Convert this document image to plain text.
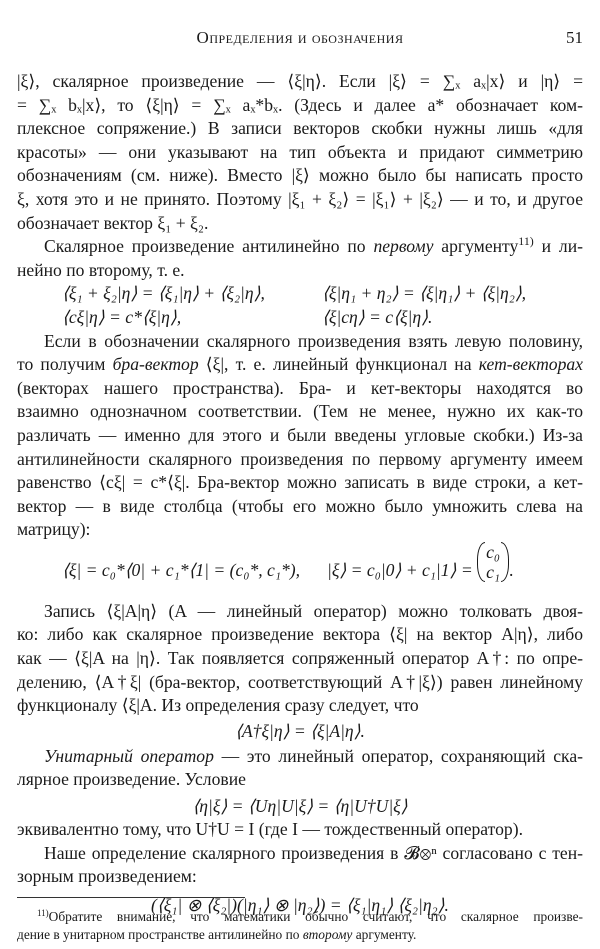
Определения и обозначения	51
|ξ⟩, скалярное произведение — ⟨ξ|η⟩. Если |ξ⟩ = ∑ₓ aₓ|x⟩ и |η⟩ =
= ∑ₓ bₓ|x⟩, то ⟨ξ|η⟩ = ∑ₓ aₓ*bₓ. (Здесь и далее a* обозначает ком-
плексное сопряжение.) В записи векторов скобки нужны лишь «для
красоты» — они указывают на тип объекта и придают симметрию
обозначениям (см. ниже). Вместо |ξ⟩ можно было бы написать просто
ξ, хотя это и не принято. Поэтому |ξ₁ + ξ₂⟩ = |ξ₁⟩ + |ξ₂⟩ — и то, и другое
обозначает вектор ξ₁ + ξ₂.
Скалярное произведение антилинейно по первому аргументу$^{11)}$ и ли-
нейно по второму, т. е.
⟨ξ₁ + ξ₂|η⟩ = ⟨ξ₁|η⟩ + ⟨ξ₂|η⟩,	⟨ξ|η₁ + η₂⟩ = ⟨ξ|η₁⟩ + ⟨ξ|η₂⟩,
⟨cξ|η⟩ = c*⟨ξ|η⟩,	⟨ξ|cη⟩ = c⟨ξ|η⟩.
Если в обозначении скалярного произведения взять левую половину,
то получим бра-вектор ⟨ξ|, т. е. линейный функционал на кет-векторах
(векторах нашего пространства). Бра- и кет-векторы находятся во
взаимно однозначном соответствии. (Тем не менее, нужно их как-то
различать — именно для этого и были введены угловые скобки.) Из-за
антилинейности скалярного произведения по первому аргументу имеем
равенство ⟨cξ| = c*⟨ξ|. Бра-вектор можно записать в виде строки, а кет-
вектор — в виде столбца (чтобы его можно было умножить слева на
матрицу):
⟨ξ| = c₀*⟨0| + c₁*⟨1| = (c₀*, c₁*), |ξ⟩ = c₀|0⟩ + c₁|1⟩ =
c₀
c₁ .
Запись ⟨ξ|A|η⟩ (A — линейный оператор) можно толковать двоя-
ко: либо как скалярное произведение вектора ⟨ξ| на вектор A|η⟩, либо
как — ⟨ξ|A на |η⟩. Так появляется сопряженный оператор A†: по опре-
делению, ⟨A†ξ| (бра-вектор, соответствующий A†|ξ⟩) равен линейному
функционалу ⟨ξ|A. Из определения сразу следует, что
⟨A†ξ|η⟩ = ⟨ξ|A|η⟩.
Унитарный оператор — это линейный оператор, сохраняющий ска-
лярное произведение. Условие
⟨η|ξ⟩ = ⟨Uη|U|ξ⟩ = ⟨η|U†U|ξ⟩
эквивалентно тому, что U†U = I (где I — тождественный оператор).
Наше определение скалярного произведения в 𝓑⊗ⁿ согласовано с тен-
зорным произведением:
(⟨ξ₁| ⊗ ⟨ξ₂|)(|η₁⟩ ⊗ |η₂⟩) = ⟨ξ₁|η₁⟩ ⟨ξ₂|η₂⟩.
$^{11)}$Обратите внимание, что математики обычно считают, что скалярное произве-
дение в унитарном пространстве антилинейно по второму аргументу.
